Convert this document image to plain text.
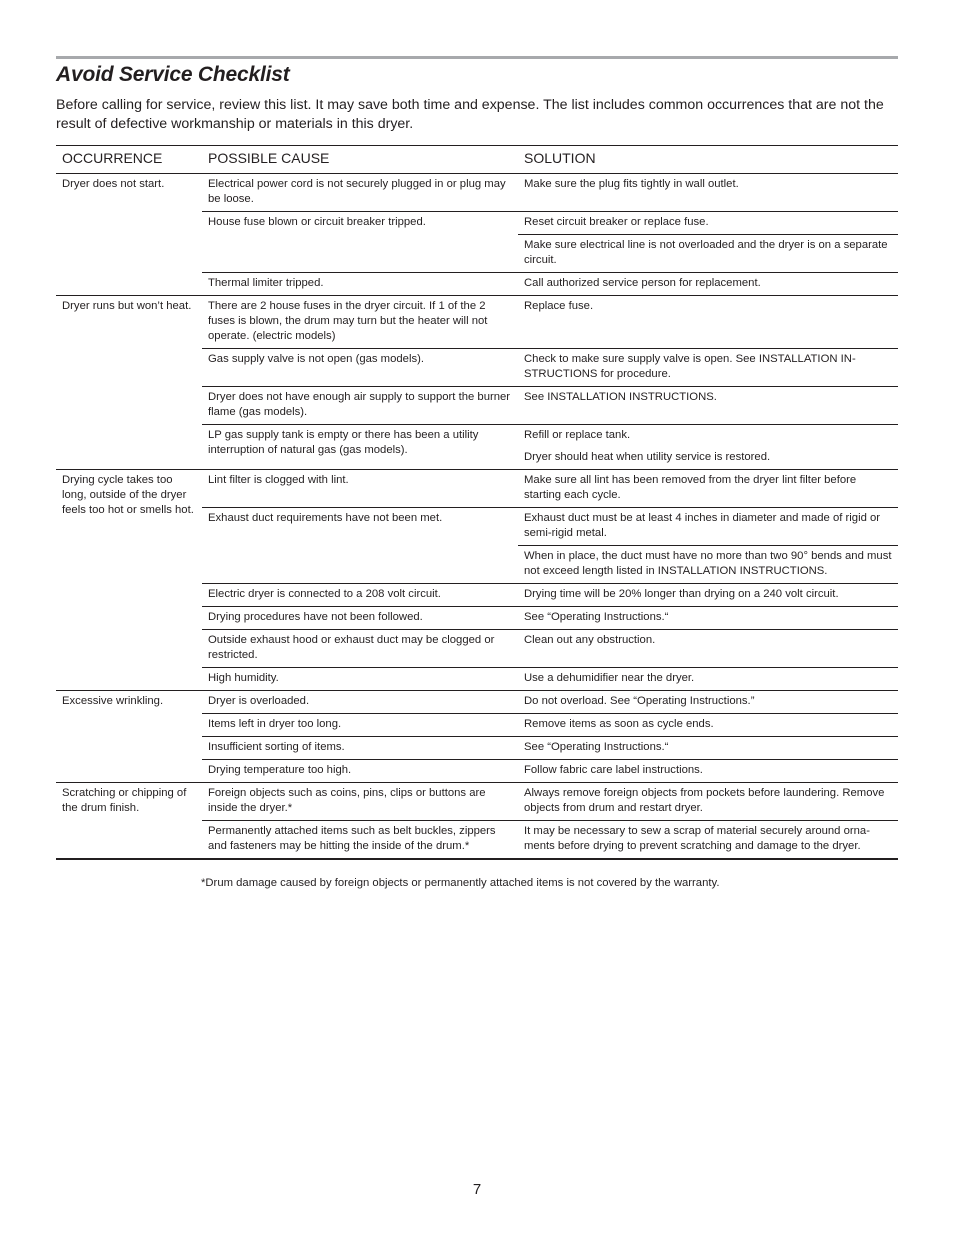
Avoid Service Checklist

Before calling for service, review this list. It may save both time and expense. The list includes common occurrences that are not the result of defective workmanship or materials in this dryer.

OCCURRENCE	POSSIBLE CAUSE	SOLUTION
Dryer does not start.	Electrical power cord is not securely plugged in or plug may be loose.	Make sure the plug fits tightly in wall outlet.
	House fuse blown or circuit breaker tripped.	Reset circuit breaker or replace fuse.
		Make sure electrical line is not overloaded and the dryer is on a separate circuit.
	Thermal limiter tripped.	Call authorized service person for replacement.
Dryer runs but won’t heat.	There are 2 house fuses in the dryer circuit. If 1 of the 2 fuses is blown, the drum may turn but the heater will not operate. (electric models)	Replace fuse.
	Gas supply valve is not open (gas models).	Check to make sure supply valve is open. See INSTALLATION IN-STRUCTIONS for procedure.
	Dryer does not have enough air supply to support the burner flame (gas models).	See INSTALLATION INSTRUCTIONS.
	LP gas supply tank is empty or there has been a utility interruption of natural gas (gas models).	Refill or replace tank.
		Dryer should heat when utility service is restored.
Drying cycle takes too long, outside of the dryer feels too hot or smells hot.	Lint filter is clogged with lint.	Make sure all lint has been removed from the dryer lint filter before starting each cycle.
	Exhaust duct requirements have not been met.	Exhaust duct must be at least 4 inches in diameter and made of rigid or semi-rigid metal.
		When in place, the duct must have no more than two 90° bends and must not exceed length listed in INSTALLATION INSTRUCTIONS.
	Electric dryer is connected to a 208 volt circuit.	Drying time will be 20% longer than drying on a 240 volt circuit.
	Drying procedures have not been followed.	See “Operating Instructions.“
	Outside exhaust hood or exhaust duct may be clogged or restricted.	Clean out any obstruction.
	High humidity.	Use a dehumidifier near the dryer.
Excessive wrinkling.	Dryer is overloaded.	Do not overload. See “Operating Instructions.”
	Items left in dryer too long.	Remove items as soon as cycle ends.
	Insufficient sorting of items.	See “Operating Instructions.“
	Drying temperature too high.	Follow fabric care label instructions.
Scratching or chipping of the drum finish.	Foreign objects such as coins, pins, clips or buttons are inside the dryer.*	Always remove foreign objects from pockets before laundering. Remove objects from drum and restart dryer.
	Permanently attached items such as belt buckles, zippers and fasteners may be hitting the inside of the drum.*	It may be necessary to sew a scrap of material securely around orna-ments before drying to prevent scratching and damage to the dryer.

*Drum damage caused by foreign objects or permanently attached items is not covered by the warranty.

7
